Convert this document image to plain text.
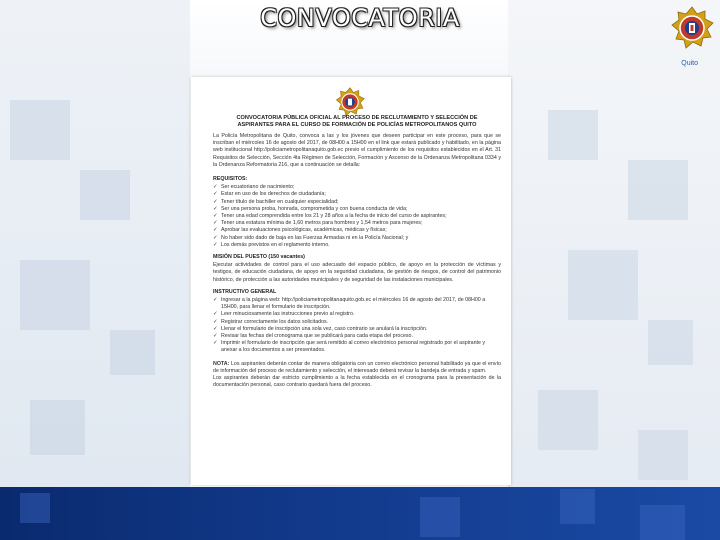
CONVOCATORIA
Quito
CONVOCATORIA PÚBLICA OFICIAL AL PROCESO DE RECLUTAMIENTO Y SELECCIÓN DE
ASPIRANTES PARA EL CURSO DE FORMACIÓN DE POLICÍAS METROPOLITANOS QUITO

La Policía Metropolitana de Quito, convoca a las y los jóvenes que deseen participar en este proceso, para que se inscriban el miércoles 16 de agosto del 2017, de 08H00 a 15H00 en el link que estará publicado y habilitado, en la página web institucional http://policiametropolitanaquito.gob.ec previo el cumplimiento de los requisitos establecidos en el Art. 31 Requisitos de Selección, Sección 4ta Régimen de Selección, Formación y Ascenso de la Ordenanza Metropolitana 0334 y la Ordenanza Reformatoria 216, que a continuación se detalla:

REQUISITOS:
✓ Ser ecuatoriano de nacimiento;
✓ Estar en uso de los derechos de ciudadanía;
✓ Tener título de bachiller en cualquier especialidad;
✓ Ser una persona proba, honrada, comprometida y con buena conducta de vida;
✓ Tener una edad comprendida entre los 21 y 28 años a la fecha de inicio del curso de aspirantes;
✓ Tener una estatura mínima de 1,60 metros para hombres y 1,54 metros para mujeres;
✓ Aprobar las evaluaciones psicológicas, académicas, médicas y físicas;
✓ No haber sido dado de baja en las Fuerzas Armadas ni en la Policía Nacional; y
✓ Los demás previstos en el reglamento interno.
MISIÓN DEL PUESTO (150 vacantes)

Ejecutar actividades de control para el uso adecuado del espacio público, de apoyo en la protección de víctimas y testigos, de educación ciudadana, de apoyo en la seguridad ciudadana, de gestión de riesgos, de control del patrimonio histórico, de protección a las autoridades municipales y de seguridad de las instalaciones municipales.

INSTRUCTIVO GENERAL
✓ Ingresar a la página web: http://policiametropolitanaquito.gob.ec el miércoles 16 de agosto del 2017, de 08H00 a 15H00, para llenar el formulario de inscripción.
✓ Leer minuciosamente las instrucciones previo al registro.
✓ Registrar correctamente los datos solicitados.
✓ Llenar el formulario de inscripción una sola vez, caso contrario se anulará la inscripción.
✓ Revisar las fechas del cronograma que se publicará para cada etapa del proceso.
✓ Imprimir el formulario de inscripción que será remitido al correo electrónico personal registrado por el aspirante y anexar a los documentos a ser presentados.

NOTA: Los aspirantes deberán contar de manera obligatoria con un correo electrónico personal habilitado ya que el envío de información del proceso de reclutamiento y selección, el interesado deberá revisar la bandeja de entrada y spam.

Los aspirantes deberán dar estricto cumplimiento a la fecha establecida en el cronograma para la presentación de la documentación personal, caso contrario quedará fuera del proceso.
